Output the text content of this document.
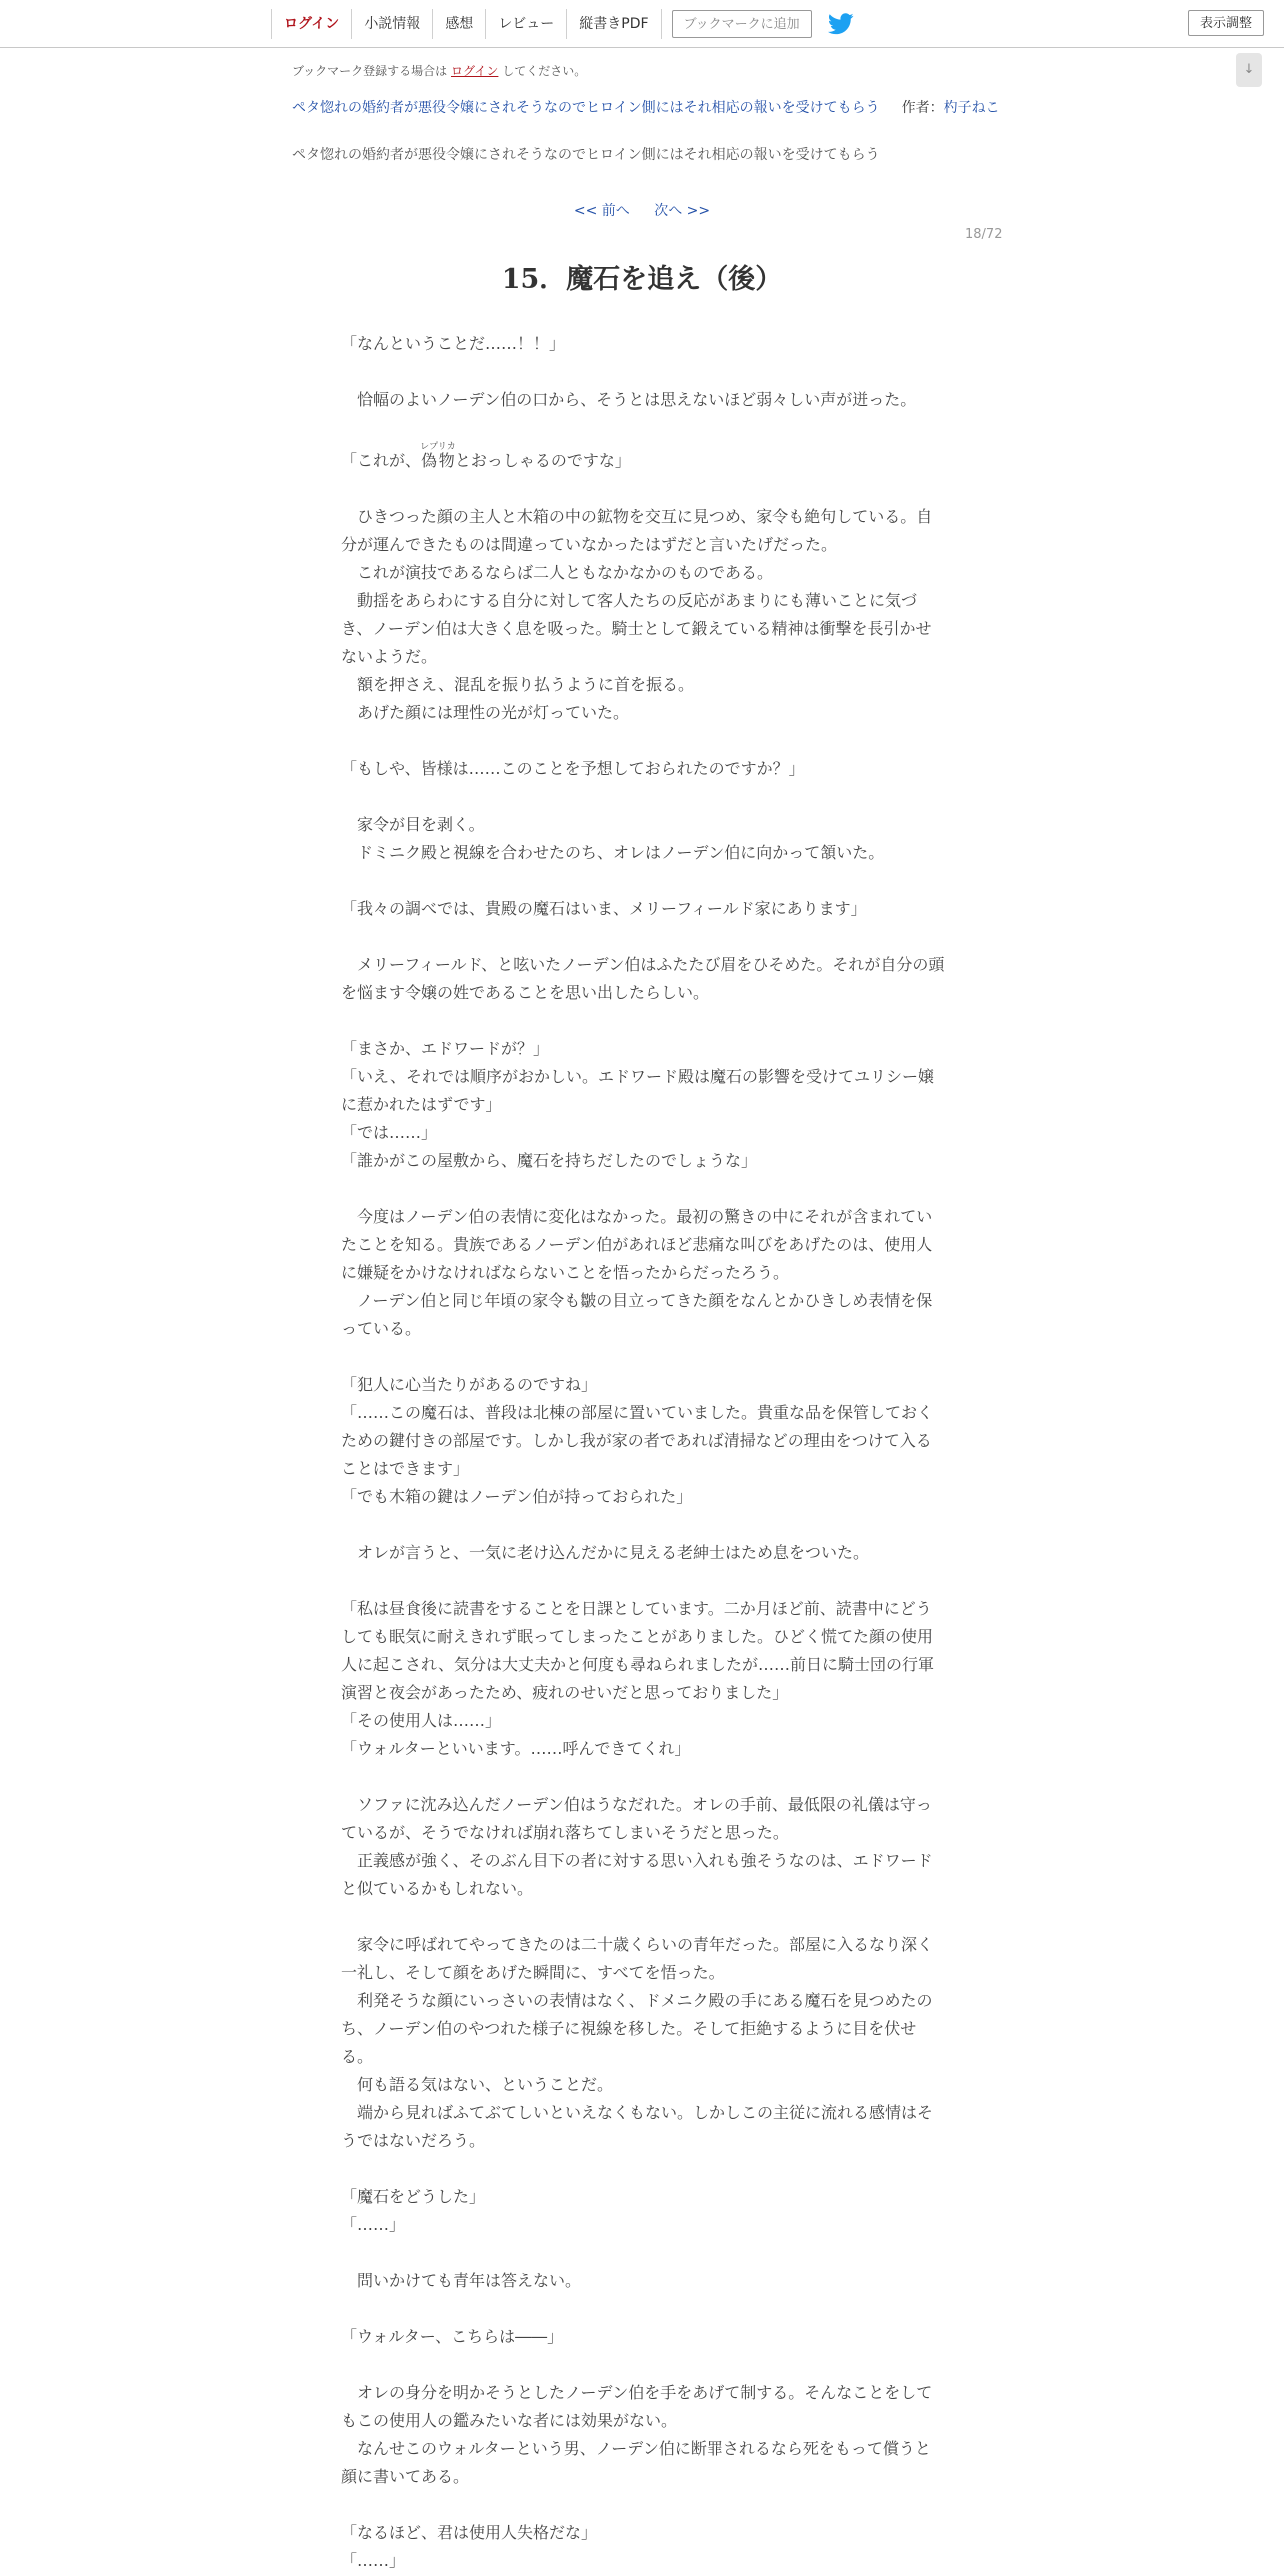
ログイン	小説情報	感想	レビュー	縦書きPDF	ブックマークに追加	表示調整
↓
ブックマーク登録する場合は ログイン してください。
ペタ惚れの婚約者が悪役令嬢にされそうなのでヒロイン側にはそれ相応の報いを受けてもらう 作者：杓子ねこ
ペタ惚れの婚約者が悪役令嬢にされそうなのでヒロイン側にはそれ相応の報いを受けてもらう
<< 前へ 次へ >>
18/72
15．魔石を追え（後）

「なんということだ……！！」

　恰幅のよいノーデン伯の口から、そうとは思えないほど弱々しい声が迸った。

「これが、偽物レプリカとおっしゃるのですな」

　ひきつった顔の主人と木箱の中の鉱物を交互に見つめ、家令も絶句している。自分が運んできたものは間違っていなかったはずだと言いたげだった。

　これが演技であるならば二人ともなかなかのものである。

　動揺をあらわにする自分に対して客人たちの反応があまりにも薄いことに気づき、ノーデン伯は大きく息を吸った。騎士として鍛えている精神は衝撃を長引かせないようだ。

　額を押さえ、混乱を振り払うように首を振る。

　あげた顔には理性の光が灯っていた。

「もしや、皆様は……このことを予想しておられたのですか？」

　家令が目を剥く。

　ドミニク殿と視線を合わせたのち、オレはノーデン伯に向かって頷いた。

「我々の調べでは、貴殿の魔石はいま、メリーフィールド家にあります」

　メリーフィールド、と呟いたノーデン伯はふたたび眉をひそめた。それが自分の頭を悩ます令嬢の姓であることを思い出したらしい。

「まさか、エドワードが？」

「いえ、それでは順序がおかしい。エドワード殿は魔石の影響を受けてユリシー嬢に惹かれたはずです」

「では……」

「誰かがこの屋敷から、魔石を持ちだしたのでしょうな」

　今度はノーデン伯の表情に変化はなかった。最初の驚きの中にそれが含まれていたことを知る。貴族であるノーデン伯があれほど悲痛な叫びをあげたのは、使用人に嫌疑をかけなければならないことを悟ったからだったろう。

　ノーデン伯と同じ年頃の家令も皺の目立ってきた顔をなんとかひきしめ表情を保っている。

「犯人に心当たりがあるのですね」

「……この魔石は、普段は北棟の部屋に置いていました。貴重な品を保管しておくための鍵付きの部屋です。しかし我が家の者であれば清掃などの理由をつけて入ることはできます」

「でも木箱の鍵はノーデン伯が持っておられた」

　オレが言うと、一気に老け込んだかに見える老紳士はため息をついた。

「私は昼食後に読書をすることを日課としています。二か月ほど前、読書中にどうしても眠気に耐えきれず眠ってしまったことがありました。ひどく慌てた顔の使用人に起こされ、気分は大丈夫かと何度も尋ねられましたが……前日に騎士団の行軍演習と夜会があったため、疲れのせいだと思っておりました」

「その使用人は……」

「ウォルターといいます。……呼んできてくれ」

　ソファに沈み込んだノーデン伯はうなだれた。オレの手前、最低限の礼儀は守っているが、そうでなければ崩れ落ちてしまいそうだと思った。

　正義感が強く、そのぶん目下の者に対する思い入れも強そうなのは、エドワードと似ているかもしれない。

　家令に呼ばれてやってきたのは二十歳くらいの青年だった。部屋に入るなり深く一礼し、そして顔をあげた瞬間に、すべてを悟った。

　利発そうな顔にいっさいの表情はなく、ドメニク殿の手にある魔石を見つめたのち、ノーデン伯のやつれた様子に視線を移した。そして拒絶するように目を伏せる。

　何も語る気はない、ということだ。

　端から見ればふてぶてしいといえなくもない。しかしこの主従に流れる感情はそうではないだろう。

「魔石をどうした」

「……」

　問いかけても青年は答えない。

「ウォルター、こちらは――」

　オレの身分を明かそうとしたノーデン伯を手をあげて制する。そんなことをしてもこの使用人の鑑みたいな者には効果がない。

　なんせこのウォルターという男、ノーデン伯に断罪されるなら死をもって償うと顔に書いてある。

「なるほど、君は使用人失格だな」

「……」
